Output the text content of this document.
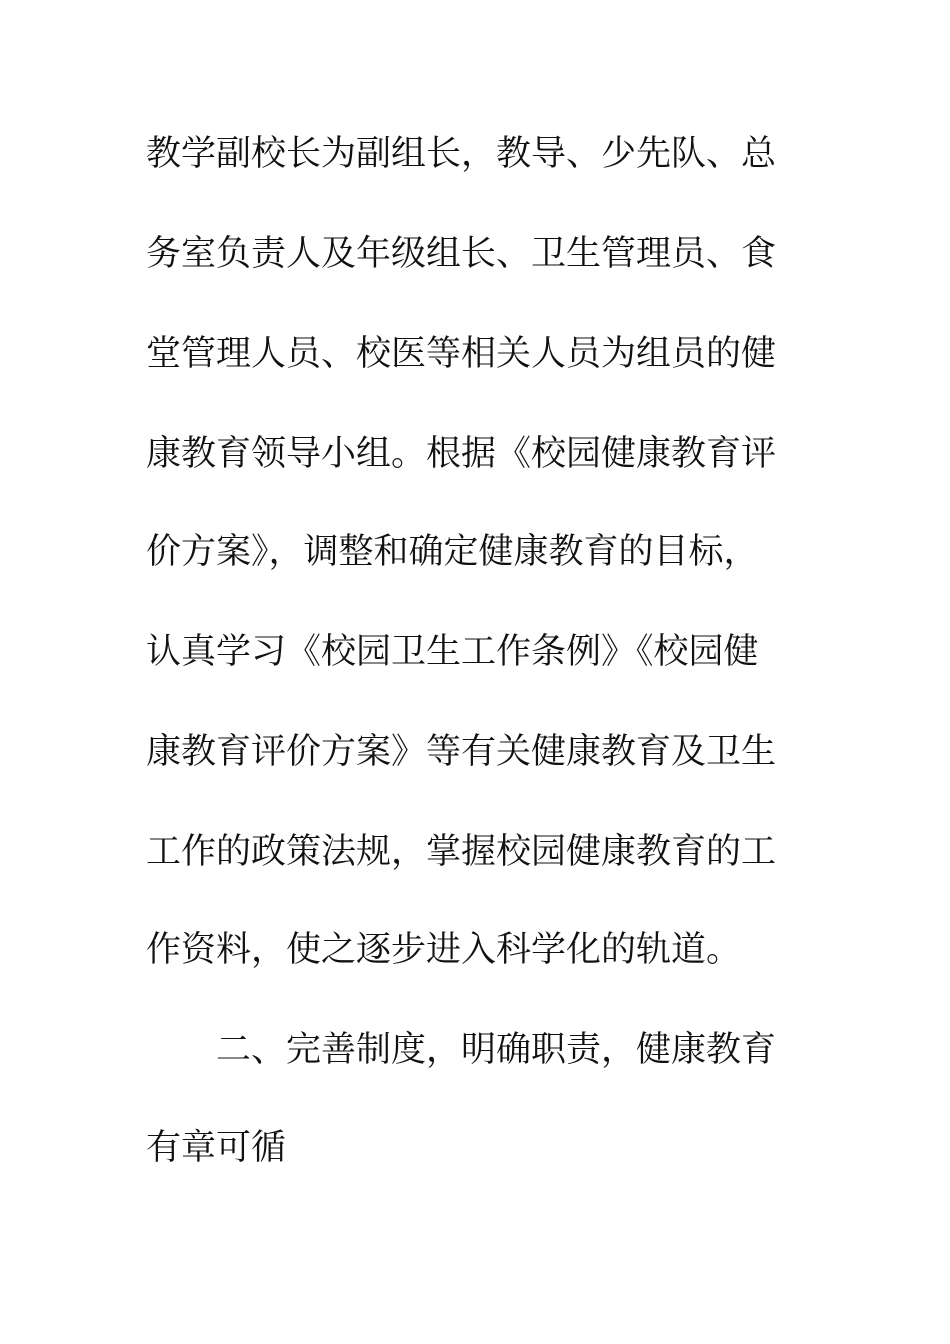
教学副校长为副组长，教导、少先队、总
务室负责人及年级组长、卫生管理员、食
堂管理人员、校医等相关人员为组员的健
康教育领导小组。根据《校园健康教育评
价方案》，调整和确定健康教育的目标，
认真学习《校园卫生工作条例》《校园健
康教育评价方案》等有关健康教育及卫生
工作的政策法规，掌握校园健康教育的工
作资料，使之逐步进入科学化的轨道。
二、完善制度，明确职责，健康教育
有章可循
